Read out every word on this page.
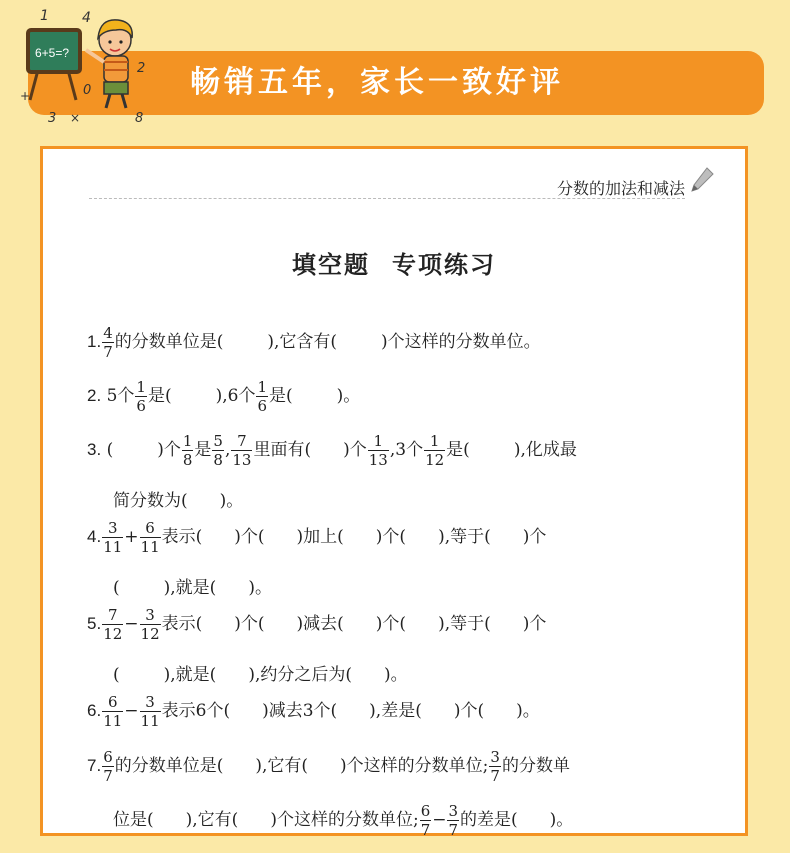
畅销五年，家长一致好评
6+5=?
1 4
2
0
3	8
+
×
分数的加法和减法
填空题 专项练习
1. $\frac{4}{7}$ 的分数单位是(	),它含有(	)个这样的分数单位。
2. 5个 $\frac{1}{6}$ 是(	),6个 $\frac{1}{6}$ 是(	)。
3. (	)个 $\frac{1}{8}$ 是 $\frac{5}{8}$ , $\frac{7}{13}$ 里面有( )个 $\frac{1}{13} ,3$个 $\frac{1}{12}$ 是(	),化成最
简分数为( )。
4. $\frac{3}{11} + \frac{6}{11}$ 表示( )个( )加上( )个( ),等于( )个
(	),就是( )。
5. $\frac{7}{12} - \frac{3}{12}$ 表示( )个( )减去( )个( ),等于( )个
(	),就是( ),约分之后为( )。
6. $\frac{6}{11} - \frac{3}{11}$ 表示6个( )减去3个( ),差是( )个( )。
7. $\frac{6}{7}$ 的分数单位是( ),它有( )个这样的分数单位; $\frac{3}{7}$ 的分数单
位是( ),它有( )个这样的分数单位; $\frac{6}{7} - \frac{3}{7}$ 的差是( )。
